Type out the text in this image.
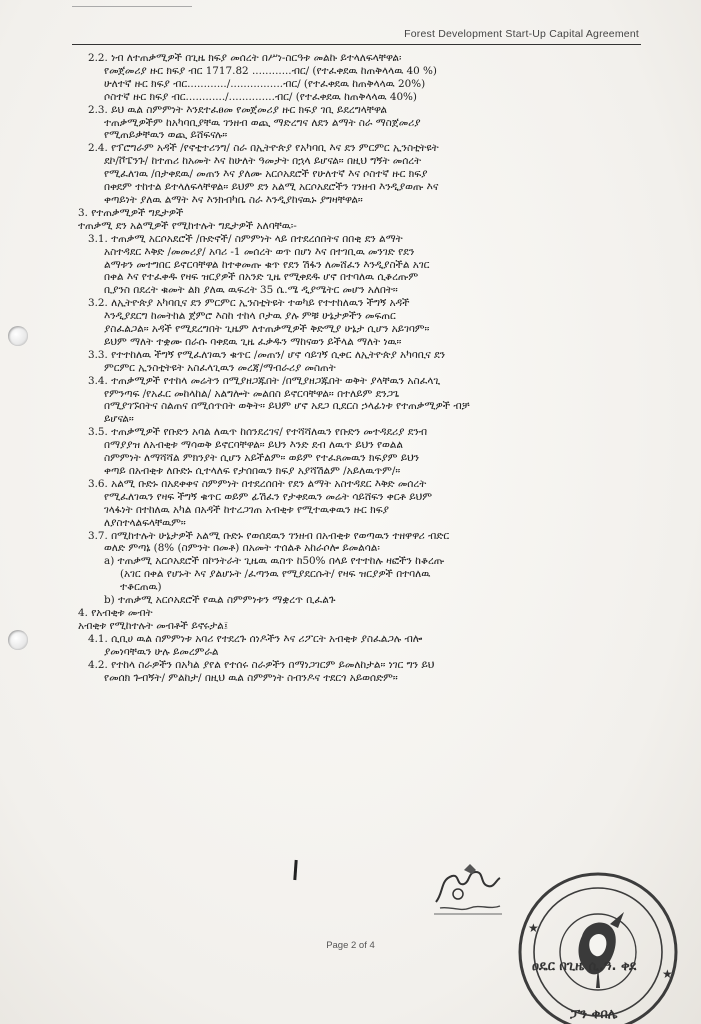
Forest Development Start-Up Capital Agreement
2.2. ነብ ለተጠቃሚዎች በጊዜ ክፍያ መሰረት በሥነ-ስርዓቱ መልኩ ይተላለፍላቸዋል፡
የመጀመሪያ ዙር ክፍያ ብር 1717.82 ............ብር/ (የተፈቀደዉ ከጠቅላላዉ 40 %)
ሁለተኛ ዙር ክፍያ ብር............/................ብር/ (የተፈቀደዉ ከጠቅላላዉ 20%)
ሶስተኛ ዙር ክፍያ ብር............/..............ብር/ (የተፈቀደዉ ከጠቅላላዉ 40%)
2.3. ይህ ዉል ስምምነት እንደተፈፀመ የመጀመሪያ ዙር ክፍያ ገቢ ይደረግላቸዋል
ተጠቃሚዎችም ከአካባቢያቸዉ ገንዘብ ወጪ ማድረግና ለደን ልማት ስራ ማስጀመሪያ
የሚጠይቃቸዉን ወጪ ይሸፍናሉ።
2.4. የፕሮግራም አዳች /የኖቲተሪንግ/ ስራ በኢትዮጵያ የአካባቢ እና ደን ምርምር ኢንስቲትዩት
ደኮ/ቮፔንጉ/ ከተጠሪ ከአመት እና ከሁለት ዓመታት በኋላ ይሆናል። በዚህ ግኝት መሰረት
የሚፈለገዉ /በታቀደዉ/ መጠን እና ያለሙ አርሶአደሮች የሁለተኛ እና ሶስተኛ ዙር ክፍያ
በቀደም ተከተል ይተላለፍላቸዋል። ይህም ደን አልሚ አርሶአደሮችን ገንዘብ እንዲያወጡ እና
ቀጣይነት ያለዉ ልማት እና እንክብካቤ ስራ እንዲያከናዉኑ ያግዛቸዋል።
3. የተጠቃሚዎች ግዴታዎች
ተጠቃሚ ደን አልሚዎች የሚከተሉት ግዴታዎች አለባቸዉ፡-
3.1. ተጠቃሚ አርሶአደሮች /ቡድኖች/ ስምምነት ላይ በተደረሰበትና በበቂ ደን ልማት
አስተዳደር እቅድ /መመሪያ/ አባሪ -1 መሰረት ወጥ በሆነ እና በተገቢዉ መንገድ የደን
ልማቱን መተግበር ይኖርባቸዋል ከተቀመጡ ቁጥ የደን ሽፋን ለመሸፈን እንዲያስችል አገር
በቀል እና የተፈቀዱ የዛፍ ዝርያዎች በአንድ ጊዜ የሚቀደዱ ሆኖ በተባለዉ ሲቆረጡም
ቢያንስ በደረት ቁመት ልክ ያለዉ ዉፍረት 35 ሴ.ሜ ዲያሜትር መሆን አለበት።
3.2. ለኢትዮጵያ አካባቢና ደን ምርምር ኢንስቲትዩት ተወካይ የተተከለዉን ችግኝ አዳች
እንዲያደርግ ከመትከል ጀምሮ እስከ ተከላ ቦታዉ ያሉ ምቹ ሁኔታዎችን መፍጠር
ያስፈልጋል። አዳች የሚደረግበት ጊዜም ለተጠቃሚዎች ቅድሚያ ሁኔታ ሲሆን አይገባም።
ይህም ማለት ተቋሙ በራሱ ባቀደዉ ጊዜ ፈቃዱን ማከናወን ይችላል ማለት ነዉ።
3.3. የተተከለዉ ችግኝ የሚፈለገዉን ቁጥር /መጠን/ ሆኖ ሳይገኝ ሲቀር ለኢትዮጵያ አካባቢና ደን
ምርምር ኢንስቲትዩት አስፈላጊዉን መረጃ/ማብራሪያ መስጠት
3.4. ተጠቃሚዎች የተከላ መሬትን በሚያዘጋጁበት /በሚያዘጋጁበት ወቅት ያላቸዉን አስፈላጊ
የምንጣፍ /የአፈር መከላከል/ አልግሎት መልበስ ይኖርባቸዋል። በተለይም ደንጋጌ
በሚያገኙበትና ስልጠና በሚሰጥበት ወቅት። ይህም ሆኖ አደጋ ቢደርስ ኃላፊነቱ የተጠቃሚዎች ብቻ
ይሆናል።
3.5. ተጠቃሚዎች የቡድን አባል ለዉጥ ከሰንደረገና/ የተሻሻለዉን የቡድን መተዳደሪያ ደንብ
በማያያዝ ለአብቂቱ ማሳወቅ ይኖርባቸዋል። ይህን እንድ ደብ ለዉጥ ይህን የወልል
ስምምነት ለማሻሻል ምክንያት ሲሆን አይችልም። ወይም የተፈጸመዉን ክፍያም ይህን
ቀጣይ በአብቂቱ ለቡድኑ ሲተላለፍ የታሰበዉን ክፍያ አያሻሽልም /አይለዉጥም/።
3.6. አልሚ ቡድኑ በአደቀቀና ስምምነት በተደረሰበት የደን ልማት አስተዳደር እቅድ መሰረት
የሚፈለገዉን የዛፍ ችግኝ ቁጥር ወይም ፊሽፈን የታቀደዉን መሬት ሳይሸፍን ቀርቶ ይህም
ገላፋነት በተከለዉ አካል በአዳች ከተረጋገጠ አብቂቱ የሚተዉቀዉን ዙር ክፍያ
ለያስተላልፍላቸዉም።
3.7. በሚከተሉት ሁኔታዎች አልሚ ቡድኑ የወሰደዉን ገንዘብ በአብቂቱ የወጣዉን ተዘዋዋሪ ብድር
ወለድ ምጣኔ (8% (ስምንት በመቶ) በአመት ተሰልቶ አከራሶሎ ይመልሳል፡
a) ተጠቃሚ አርሶአደሮች በኮንትራት ጊዜዉ ዉስጥ ከ50% በላይ የተተከሉ ዛፎችን ከቆረጡ
(አገር በቀል የሆኑት እና ያልሆኑት /ፈጣንዉ የሚያደርሱት/ የዛፍ ዝርያዎች በተባለዉ
ተቆርጠዉ)
b) ተጠቃሚ አርሶአደሮች የዉል ስምምነቱን ማቋረጥ ቢፈልጉ
4. የአብቂቱ መብት
አብቂቱ የሚከተሉት መብቶች ይኖሩታል፤
4.1. ሲቢሀ ዉል ስምምነቱ አባሪ የተደረጉ ሰነዶችን እና ሪፖርት አብቂቱ ያስፈልጋሉ ብሎ
ያመነባቸዉን ሁሉ ይመረምራል
4.2. የተከላ ስራዎችን በአካል ያየል የተሰሩ ስራዎችን በማነጋገርም ይመለከታል። ነገር ግን ይህ
የመሰክ ጉብኝት/ ምልከታ/ በዚህ ዉል ስምምነት ስብንዶና ተደርጎ አይወሰድም።
ዐዴር በጊዜ ሲ.ዓ. ቀደ
ፓን ቀበሌ
★
★
Page 2 of 4
